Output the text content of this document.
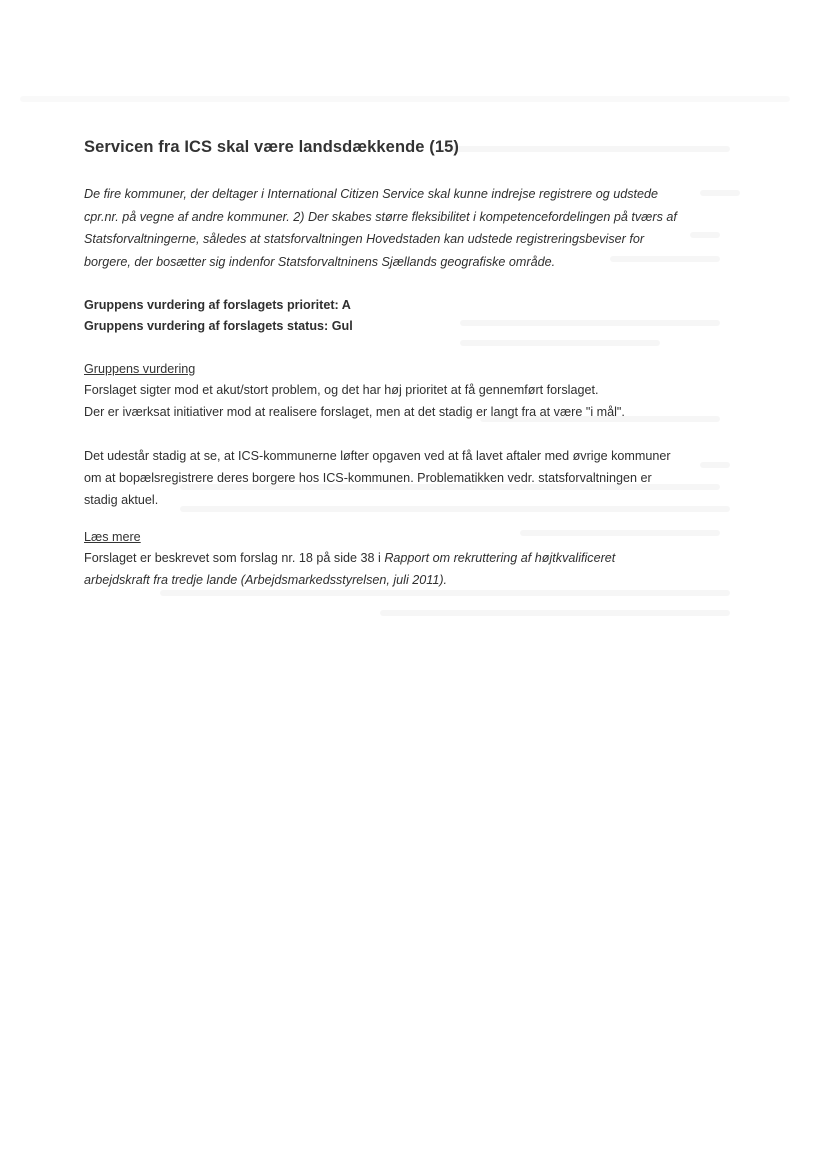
Servicen fra ICS skal være landsdækkende (15)
De fire kommuner, der deltager i International Citizen Service skal kunne indrejse registrere og udstede
cpr.nr. på vegne af andre kommuner. 2) Der skabes større fleksibilitet i kompetencefordelingen på tværs af
Statsforvaltningerne, således at statsforvaltningen Hovedstaden kan udstede registreringsbeviser for
borgere, der bosætter sig indenfor Statsforvaltninens Sjællands geografiske område.
Gruppens vurdering af forslagets prioritet: A
Gruppens vurdering af forslagets status: Gul
Gruppens vurdering
Forslaget sigter mod et akut/stort problem, og det har høj prioritet at få gennemført forslaget.
Der er iværksat initiativer mod at realisere forslaget, men at det stadig er langt fra at være "i mål".
Det udestår stadig at se, at ICS-kommunerne løfter opgaven ved at få lavet aftaler med øvrige kommuner
om at bopælsregistrere deres borgere hos ICS-kommunen. Problematikken vedr. statsforvaltningen er
stadig aktuel.
Læs mere
Forslaget er beskrevet som forslag nr. 18 på side 38 i Rapport om rekruttering af højtkvalificeret
arbejdskraft fra tredje lande (Arbejdsmarkedsstyrelsen, juli 2011).
